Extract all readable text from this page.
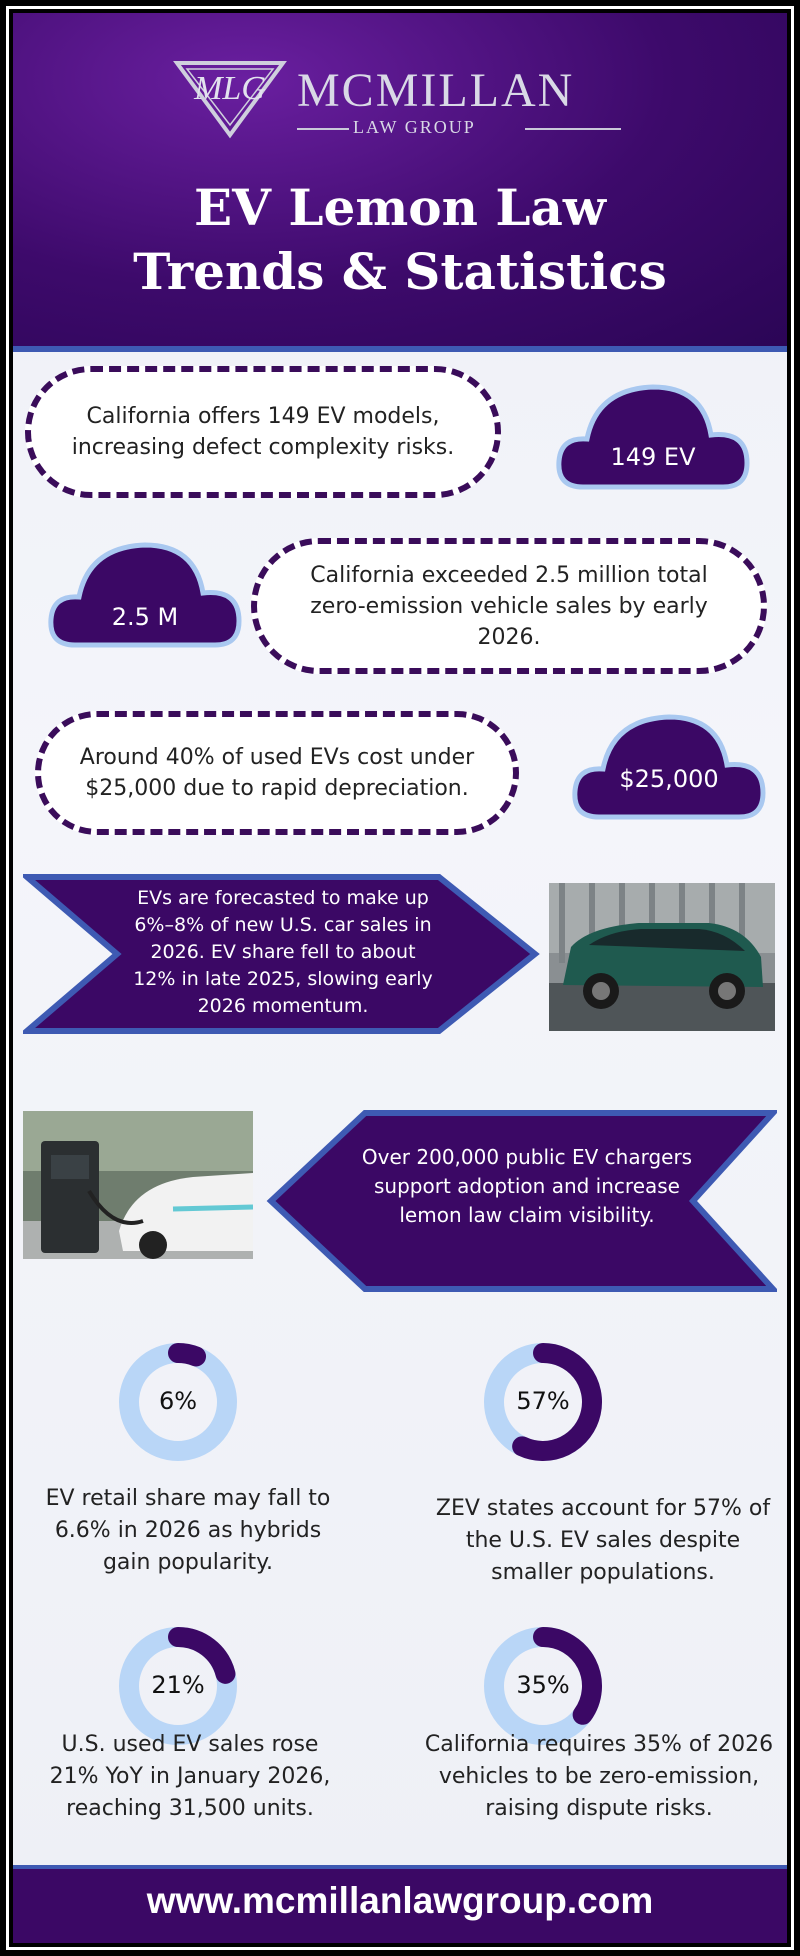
MLG MCMILLAN
LAW GROUP
EV Lemon Law
Trends & Statistics
California offers 149 EV models, increasing defect complexity risks.	149 EV
2.5 M
California exceeded 2.5 million total zero-emission vehicle sales by early 2026.
Around 40% of used EVs cost under $25,000 due to rapid depreciation.	$25,000
EVs are forecasted to make up 6%–8% of new U.S. car sales in 2026. EV share fell to about 12% in late 2025, slowing early 2026 momentum.
Over 200,000 public EV chargers support adoption and increase lemon law claim visibility.
6%
EV retail share may fall to 6.6% in 2026 as hybrids gain popularity.
57%
ZEV states account for 57% of the U.S. EV sales despite smaller populations.
21%
U.S. used EV sales rose 21% YoY in January 2026, reaching 31,500 units.
35%
California requires 35% of 2026 vehicles to be zero-emission, raising dispute risks.
www.mcmillanlawgroup.com
